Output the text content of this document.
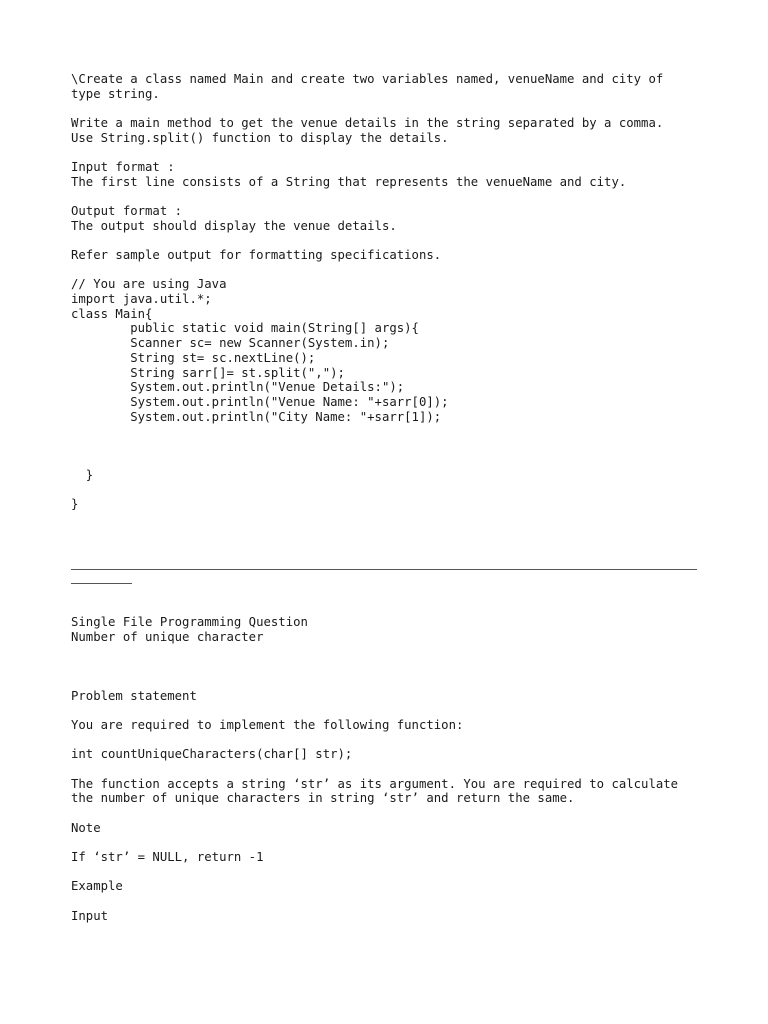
\Create a class named Main and create two variables named, venueName and city of

type string.

Write a main method to get the venue details in the string separated by a comma.

Use String.split() function to display the details.

Input format :

The first line consists of a String that represents the venueName and city.

Output format :

The output should display the venue details.

Refer sample output for formatting specifications.

// You are using Java

import java.util.*;

class Main{

public static void main(String[] args){

Scanner sc= new Scanner(System.in);

String st= sc.nextLine();

String sarr[]= st.split(",");

System.out.println("Venue Details:");

System.out.println("Venue Name: "+sarr[0]);

System.out.println("City Name: "+sarr[1]);

}

}

Single File Programming Question

Number of unique character

Problem statement

You are required to implement the following function:

int countUniqueCharacters(char[] str);

The function accepts a string ‘str’ as its argument. You are required to calculate

the number of unique characters in string ‘str’ and return the same.

Note

If ‘str’ = NULL, return -1

Example

Input
